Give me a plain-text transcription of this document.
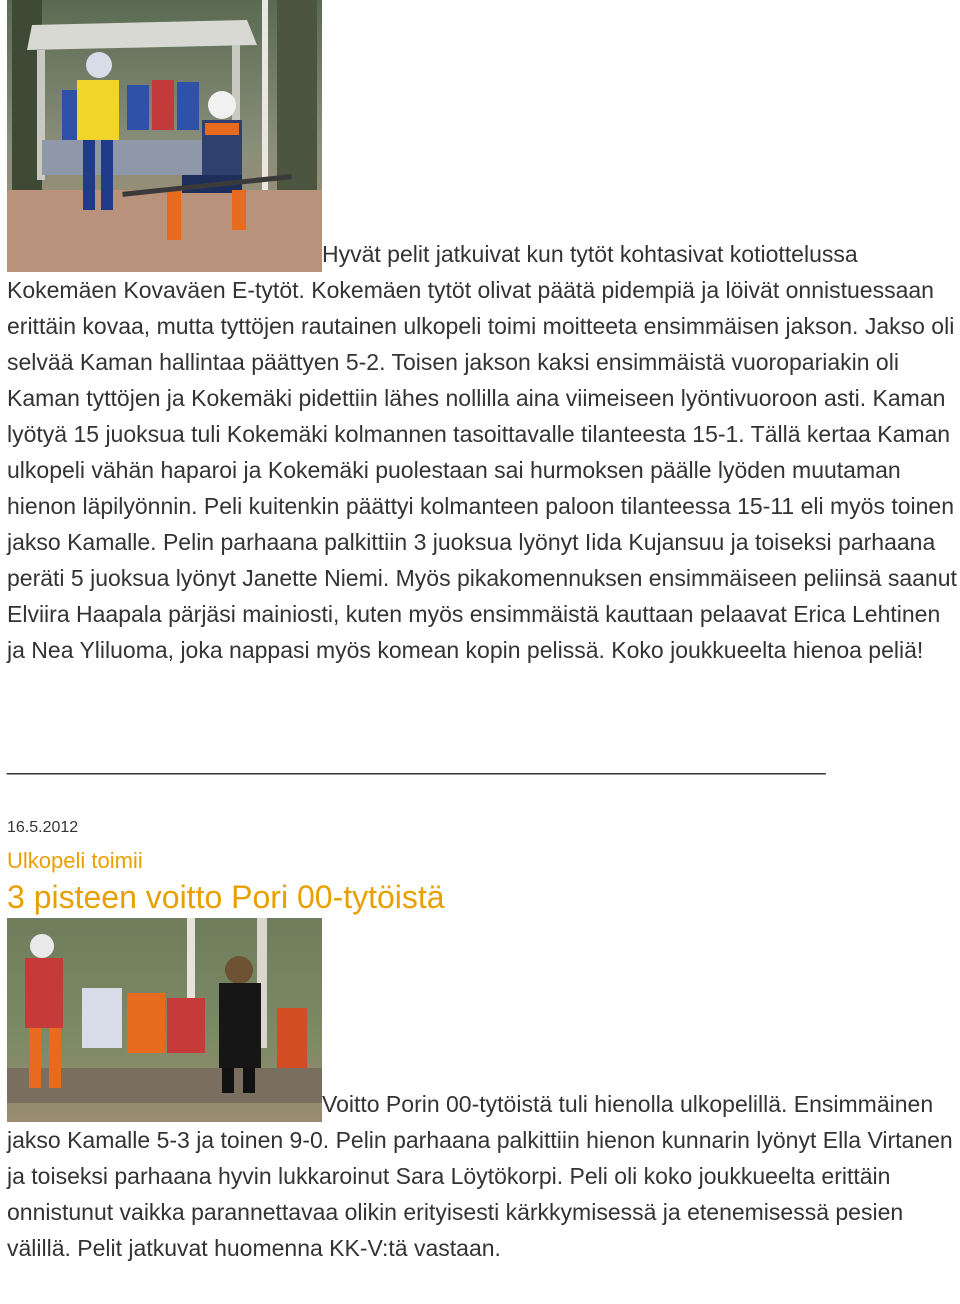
Hyvät pelit jatkuivat kun tytöt kohtasivat kotiottelussa Kokemäen Kovaväen E-tytöt. Kokemäen tytöt olivat päätä pidempiä ja löivät onnistuessaan erittäin kovaa, mutta tyttöjen rautainen ulkopeli toimi moitteeta ensimmäisen jakson. Jakso oli selvää Kaman hallintaa päättyen 5-2. Toisen jakson kaksi ensimmäistä vuoropariakin oli Kaman tyttöjen ja Kokemäki pidettiin lähes nollilla aina viimeiseen lyöntivuoroon asti. Kaman lyötyä 15 juoksua tuli Kokemäki kolmannen tasoittavalle tilanteesta 15-1. Tällä kertaa Kaman ulkopeli vähän haparoi ja Kokemäki puolestaan sai hurmoksen päälle lyöden muutaman hienon läpilyönnin. Peli kuitenkin päättyi kolmanteen paloon tilanteessa 15-11 eli myös toinen jakso Kamalle. Pelin parhaana palkittiin 3 juoksua lyönyt Iida Kujansuu ja toiseksi parhaana peräti 5 juoksua lyönyt Janette Niemi. Myös pikakomennuksen ensimmäiseen peliinsä saanut Elviira Haapala pärjäsi mainiosti, kuten myös ensimmäistä kauttaan pelaavat Erica Lehtinen ja Nea Yliluoma, joka nappasi myös komean kopin pelissä. Koko joukkueelta hienoa peliä!
________________________________________________________________
16.5.2012
Ulkopeli toimii
3 pisteen voitto Pori 00-tytöistä
Voitto Porin 00-tytöistä tuli hienolla ulkopelillä. Ensimmäinen jakso Kamalle 5-3 ja toinen 9-0. Pelin parhaana palkittiin hienon kunnarin lyönyt Ella Virtanen ja toiseksi parhaana hyvin lukkaroinut Sara Löytökorpi. Peli oli koko joukkueelta erittäin onnistunut vaikka parannettavaa olikin erityisesti kärkkymisessä ja etenemisessä pesien välillä. Pelit jatkuvat huomenna KK-V:tä vastaan.
